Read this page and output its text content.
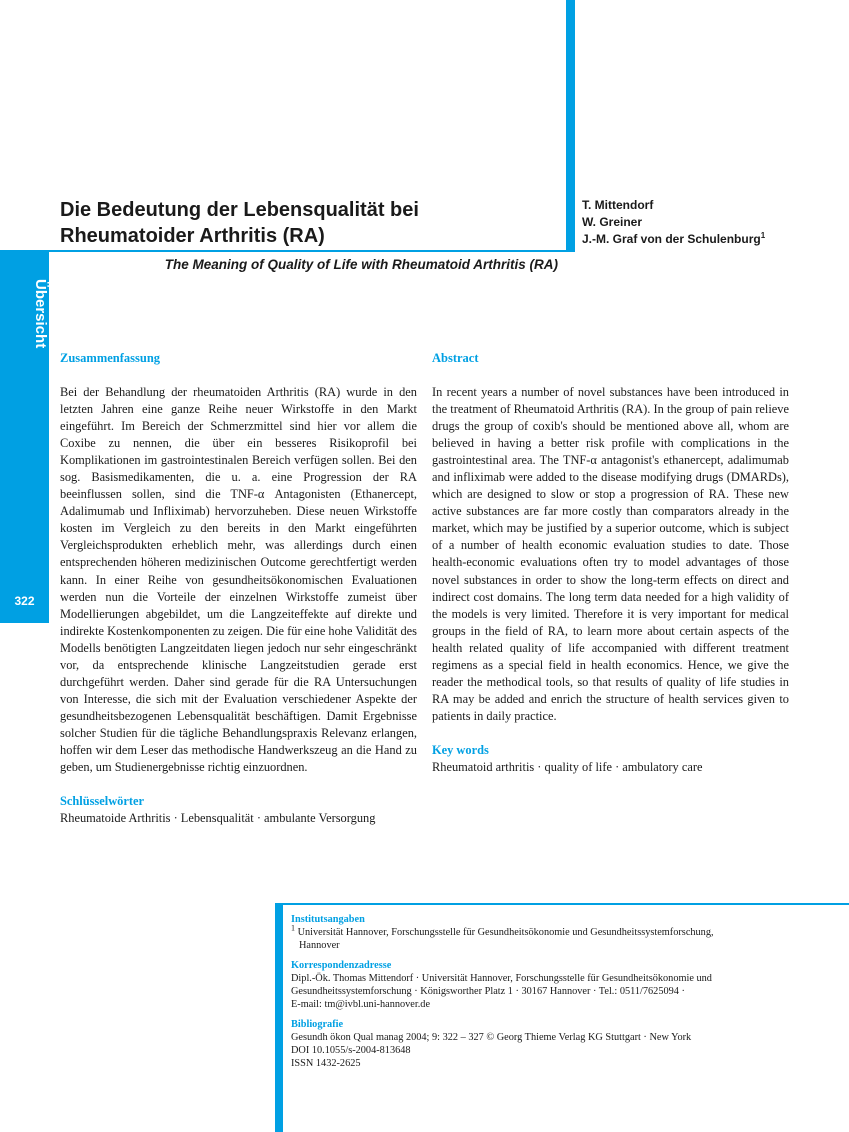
Übersicht
322
Die Bedeutung der Lebensqualität bei
Rheumatoider Arthritis (RA)
T. Mittendorf
W. Greiner
J.-M. Graf von der Schulenburg$^1$
The Meaning of Quality of Life with Rheumatoid Arthritis (RA)
Zusammenfassung
Bei der Behandlung der rheumatoiden Arthritis (RA) wurde in den letzten Jahren eine ganze Reihe neuer Wirkstoffe in den Markt eingeführt. Im Bereich der Schmerzmittel sind hier vor allem die Coxibe zu nennen, die über ein besseres Risikoprofil bei Komplikationen im gastrointestinalen Bereich verfügen sollen. Bei den sog. Basismedikamenten, die u. a. eine Progression der RA beeinflussen sollen, sind die TNF-α Antagonisten (Ethanercept, Adalimumab und Infliximab) hervorzuheben. Diese neuen Wirkstoffe kosten im Vergleich zu den bereits in den Markt eingeführten Vergleichsprodukten erheblich mehr, was allerdings durch einen entsprechenden höheren medizinischen Outcome gerechtfertigt werden kann. In einer Reihe von gesundheitsökonomischen Evaluationen werden nun die Vorteile der einzelnen Wirkstoffe zumeist über Modellierungen abgebildet, um die Langzeiteffekte auf direkte und indirekte Kostenkomponenten zu zeigen. Die für eine hohe Validität des Modells benötigten Langzeitdaten liegen jedoch nur sehr eingeschränkt vor, da entsprechende klinische Langzeitstudien gerade erst durchgeführt werden. Daher sind gerade für die RA Untersuchungen von Interesse, die sich mit der Evaluation verschiedener Aspekte der gesundheitsbezogenen Lebensqualität beschäftigen. Damit Ergebnisse solcher Studien für die tägliche Behandlungspraxis Relevanz erlangen, hoffen wir dem Leser das methodische Handwerkszeug an die Hand zu geben, um Studienergebnisse richtig einzuordnen.
Schlüsselwörter
Rheumatoide Arthritis · Lebensqualität · ambulante Versorgung
Abstract
In recent years a number of novel substances have been introduced in the treatment of Rheumatoid Arthritis (RA). In the group of pain relieve drugs the group of coxib's should be mentioned above all, whom are believed in having a better risk profile with complications in the gastrointestinal area. The TNF-α antagonist's ethanercept, adalimumab and infliximab were added to the disease modifying drugs (DMARDs), which are designed to slow or stop a progression of RA. These new active substances are far more costly than comparators already in the market, which may be justified by a superior outcome, which is subject of a number of health economic evaluation studies to date. Those health-economic evaluations often try to model advantages of those novel substances in order to show the long-term effects on direct and indirect cost domains. The long term data needed for a high validity of the models is very limited. Therefore it is very important for medical groups in the field of RA, to learn more about certain aspects of the health related quality of life accompanied with different treatment regimens as a special field in health economics. Hence, we give the reader the methodical tools, so that results of quality of life studies in RA may be added and enrich the structure of health services given to patients in daily practice.
Key words
Rheumatoid arthritis · quality of life · ambulatory care
Institutsangaben
$^1$ Universität Hannover, Forschungsstelle für Gesundheitsökonomie und Gesundheitssystemforschung,
Hannover
Korrespondenzadresse
Dipl.-Ök. Thomas Mittendorf · Universität Hannover, Forschungsstelle für Gesundheitsökonomie und
Gesundheitssystemforschung · Königsworther Platz 1 · 30167 Hannover · Tel.: 0511/7625094 ·
E-mail: tm@ivbl.uni-hannover.de
Bibliografie
Gesundh ökon Qual manag 2004; 9: 322 – 327 © Georg Thieme Verlag KG Stuttgart · New York
DOI 10.1055/s-2004-813648
ISSN 1432-2625
